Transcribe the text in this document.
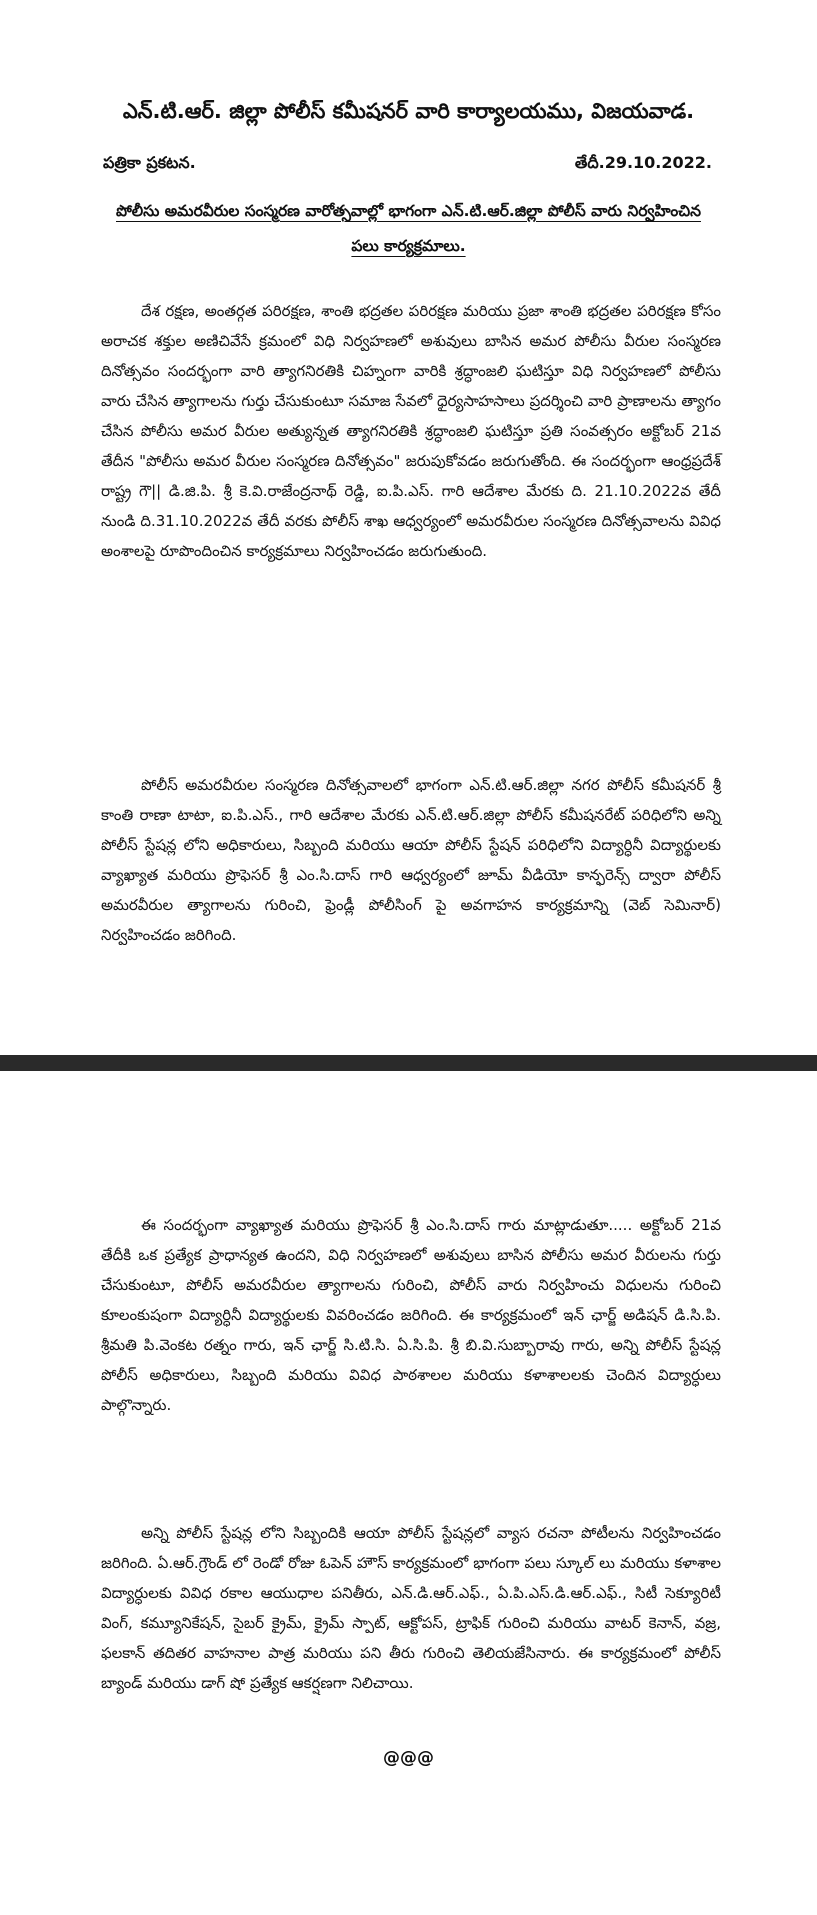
ఎన్.టి.ఆర్. జిల్లా పోలీస్ కమీషనర్ వారి కార్యాలయము, విజయవాడ.
పత్రికా ప్రకటన.	తేదీ.29.10.2022.
పోలీసు అమరవీరుల సంస్మరణ వారోత్సవాల్లో భాగంగా ఎన్.టి.ఆర్.జిల్లా పోలీస్ వారు నిర్వహించిన పలు కార్యక్రమాలు.

దేశ రక్షణ, అంతర్గత పరిరక్షణ, శాంతి భద్రతల పరిరక్షణ మరియు ప్రజా శాంతి భద్రతల పరిరక్షణ కోసం అరాచక శక్తుల అణిచివేసే క్రమంలో విధి నిర్వహణలో అశువులు బాసిన అమర పోలీసు వీరుల సంస్మరణ దినోత్సవం సందర్భంగా వారి త్యాగనిరతికి చిహ్నంగా వారికి శ్రద్ధాంజలి ఘటిస్తూ విధి నిర్వహణలో పోలీసు వారు చేసిన త్యాగాలను గుర్తు చేసుకుంటూ సమాజ సేవలో ధైర్యసాహసాలు ప్రదర్శించి వారి ప్రాణాలను త్యాగం చేసిన పోలీసు అమర వీరుల అత్యున్నత త్యాగనిరతికి శ్రద్ధాంజలి ఘటిస్తూ ప్రతి సంవత్సరం అక్టోబర్ 21వ తేదీన "పోలీసు అమర వీరుల సంస్మరణ దినోత్సవం" జరుపుకోవడం జరుగుతోంది. ఈ సందర్భంగా ఆంధ్రప్రదేశ్ రాష్ట్ర గౌ|| డి.జి.పి. శ్రీ కె.వి.రాజేంద్రనాథ్ రెడ్డి, ఐ.పి.ఎస్. గారి ఆదేశాల మేరకు ది. 21.10.2022వ తేదీ నుండి ది.31.10.2022వ తేదీ వరకు పోలీస్ శాఖ ఆధ్వర్యంలో అమరవీరుల సంస్మరణ దినోత్సవాలను వివిధ అంశాలపై రూపొందించిన కార్యక్రమాలు నిర్వహించడం జరుగుతుంది.

పోలీస్ అమరవీరుల సంస్మరణ దినోత్సవాలలో భాగంగా ఎన్.టి.ఆర్.జిల్లా నగర పోలీస్ కమీషనర్ శ్రీ కాంతి రాణా టాటా, ఐ.పి.ఎస్., గారి ఆదేశాల మేరకు ఎన్.టి.ఆర్.జిల్లా పోలీస్ కమీషనరేట్ పరిధిలోని అన్ని పోలీస్ స్టేషన్ల లోని అధికారులు, సిబ్బంది మరియు ఆయా పోలీస్ స్టేషన్ పరిధిలోని విద్యార్ధినీ విద్యార్థులకు వ్యాఖ్యాత మరియు ప్రొఫెసర్ శ్రీ ఎం.సి.దాస్ గారి ఆధ్వర్యంలో జూమ్ వీడియో కాన్ఫరెన్స్ ద్వారా పోలీస్ అమరవీరుల త్యాగాలను గురించి, ఫ్రెండ్లీ పోలీసింగ్ పై అవగాహన కార్యక్రమాన్ని (వెబ్ సెమినార్) నిర్వహించడం జరిగింది.

ఈ సందర్భంగా వ్యాఖ్యాత మరియు ప్రొఫెసర్ శ్రీ ఎం.సి.దాస్ గారు మాట్లాడుతూ..... అక్టోబర్ 21వ తేదీకి ఒక ప్రత్యేక ప్రాధాన్యత ఉందని, విధి నిర్వహణలో అశువులు బాసిన పోలీసు అమర వీరులను గుర్తు చేసుకుంటూ, పోలీస్ అమరవీరుల త్యాగాలను గురించి, పోలీస్ వారు నిర్వహించు విధులను గురించి కూలంకుషంగా విద్యార్ధినీ విద్యార్థులకు వివరించడం జరిగింది. ఈ కార్యక్రమంలో ఇన్ ఛార్జ్ అడిషన్ డి.సి.పి. శ్రీమతి పి.వెంకట రత్నం గారు, ఇన్ ఛార్జ్ సి.టి.సి. ఏ.సి.పి. శ్రీ బి.వి.సుబ్బారావు గారు, అన్ని పోలీస్ స్టేషన్ల పోలీస్ అధికారులు, సిబ్బంది మరియు వివిధ పాఠశాలల మరియు కళాశాలలకు చెందిన విద్యార్ధులు పాల్గొన్నారు.

అన్ని పోలీస్ స్టేషన్ల లోని సిబ్బందికి ఆయా పోలీస్ స్టేషన్లలో వ్యాస రచనా పోటీలను నిర్వహించడం జరిగింది. ఏ.ఆర్.గ్రౌండ్ లో రెండో రోజు ఓపెన్ హౌస్ కార్యక్రమంలో భాగంగా పలు స్కూల్ లు మరియు కళాశాల విద్యార్ధులకు వివిధ రకాల ఆయుధాల పనితీరు, ఎన్.డి.ఆర్.ఎఫ్., ఏ.పి.ఎస్.డి.ఆర్.ఎఫ్., సిటీ సెక్యూరిటీ వింగ్, కమ్యూనికేషన్, సైబర్ క్రైమ్, క్రైమ్ స్పాట్, ఆక్టోపస్, ట్రాఫిక్ గురించి మరియు వాటర్ కెనాన్, వజ్ర, ఫలకాన్ తదితర వాహనాల పాత్ర మరియు పని తీరు గురించి తెలియజేసినారు. ఈ కార్యక్రమంలో పోలీస్ బ్యాండ్ మరియు డాగ్ షో ప్రత్యేక ఆకర్షణగా నిలిచాయి.

@@@
